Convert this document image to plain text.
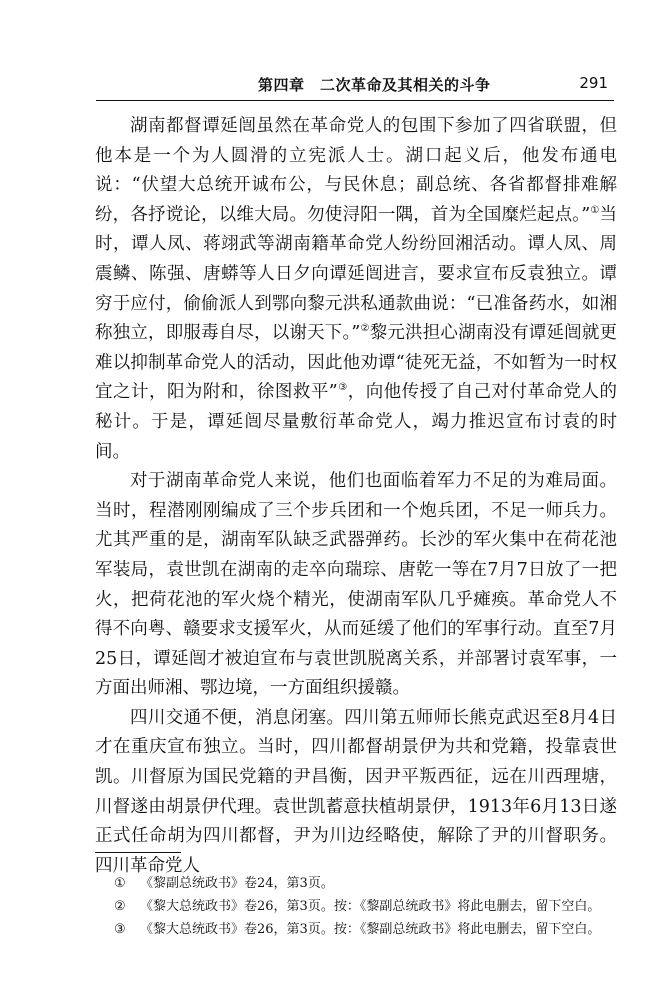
第四章　二次革命及其相关的斗争	291

湖南都督谭延闿虽然在革命党人的包围下参加了四省联盟，但他本是一个为人圆滑的立宪派人士。湖口起义后，他发布通电说：“伏望大总统开诚布公，与民休息；副总统、各省都督排难解纷，各抒谠论，以维大局。勿使浔阳一隅，首为全国糜烂起点。”①当时，谭人凤、蒋翊武等湖南籍革命党人纷纷回湘活动。谭人凤、周震鳞、陈强、唐蟒等人日夕向谭延闿进言，要求宣布反袁独立。谭穷于应付，偷偷派人到鄂向黎元洪私通款曲说：“已准备药水，如湘称独立，即服毒自尽，以谢天下。”②黎元洪担心湖南没有谭延闿就更难以抑制革命党人的活动，因此他劝谭“徒死无益，不如暂为一时权宜之计，阳为附和，徐图救平”③，向他传授了自己对付革命党人的秘计。于是，谭延闿尽量敷衍革命党人，竭力推迟宣布讨袁的时间。

对于湖南革命党人来说，他们也面临着军力不足的为难局面。当时，程潜刚刚编成了三个步兵团和一个炮兵团，不足一师兵力。尤其严重的是，湖南军队缺乏武器弹药。长沙的军火集中在荷花池军装局，袁世凯在湖南的走卒向瑞琮、唐乾一等在7月7日放了一把火，把荷花池的军火烧个精光，使湖南军队几乎瘫痪。革命党人不得不向粤、赣要求支援军火，从而延缓了他们的军事行动。直至7月25日，谭延闿才被迫宣布与袁世凯脱离关系，并部署讨袁军事，一方面出师湘、鄂边境，一方面组织援赣。

四川交通不便，消息闭塞。四川第五师师长熊克武迟至8月4日才在重庆宣布独立。当时，四川都督胡景伊为共和党籍，投靠袁世凯。川督原为国民党籍的尹昌衡，因尹平叛西征，远在川西理塘，川督遂由胡景伊代理。袁世凯蓄意扶植胡景伊，1913年6月13日遂正式任命胡为四川都督，尹为川边经略使，解除了尹的川督职务。四川革命党人

① 《黎副总统政书》卷24，第3页。
② 《黎大总统政书》卷26，第3页。按：《黎副总统政书》将此电删去，留下空白。
③ 《黎大总统政书》卷26，第3页。按：《黎副总统政书》将此电删去，留下空白。
